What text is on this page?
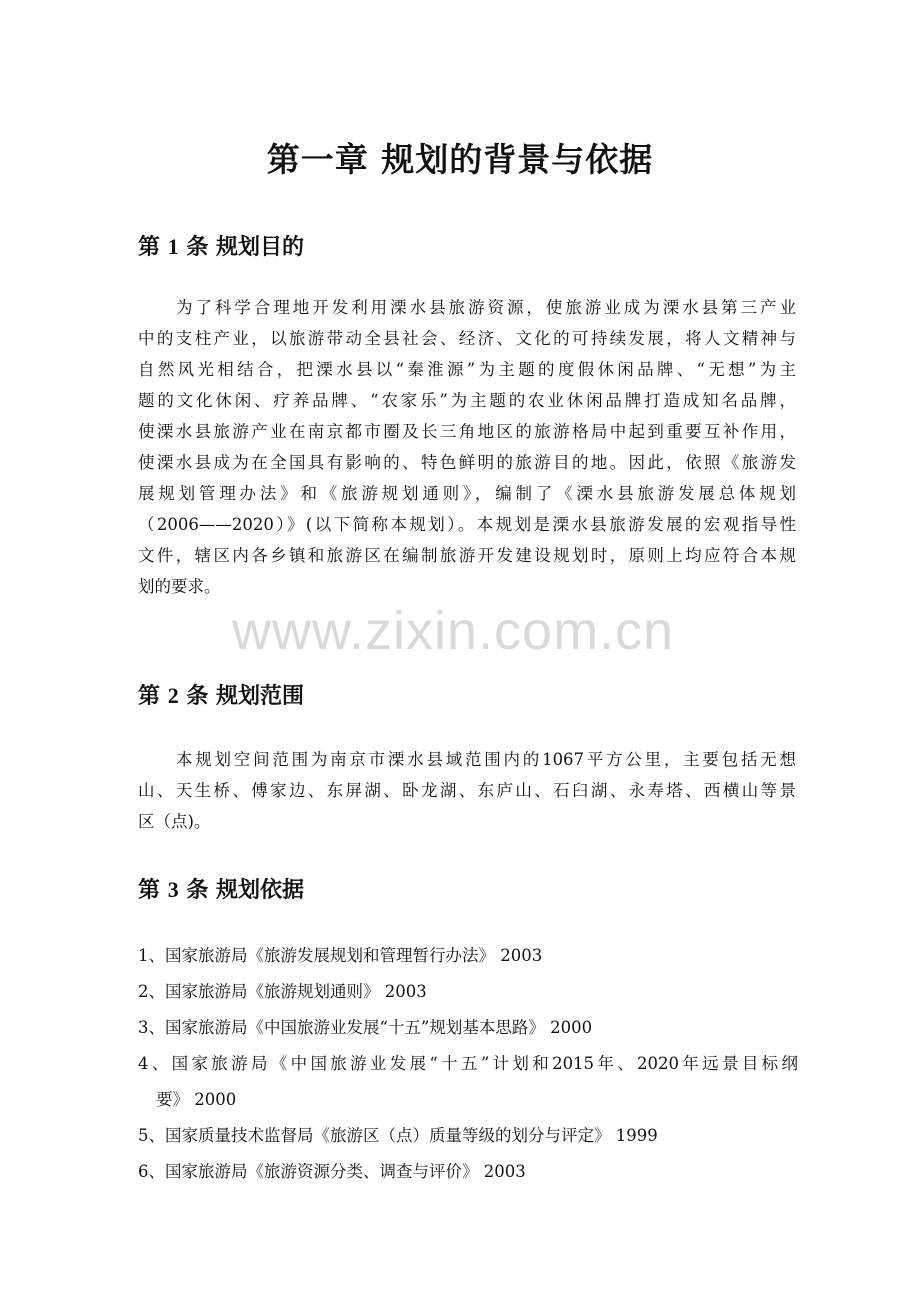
第一章 规划的背景与依据
第 1 条 规划目的
为了科学合理地开发利用溧水县旅游资源，使旅游业成为溧水县第三产业
中的支柱产业，以旅游带动全县社会、经济、文化的可持续发展，将人文精神与
自然风光相结合，把溧水县以“秦淮源”为主题的度假休闲品牌、“无想”为主
题的文化休闲、疗养品牌、“农家乐”为主题的农业休闲品牌打造成知名品牌，
使溧水县旅游产业在南京都市圈及长三角地区的旅游格局中起到重要互补作用，
使溧水县成为在全国具有影响的、特色鲜明的旅游目的地。因此，依照《旅游发
展规划管理办法》和《旅游规划通则》，编制了《溧水县旅游发展总体规划
（2006——2020）》(以下简称本规划）。本规划是溧水县旅游发展的宏观指导性
文件，辖区内各乡镇和旅游区在编制旅游开发建设规划时，原则上均应符合本规
划的要求。
第 2 条 规划范围
本规划空间范围为南京市溧水县域范围内的1067平方公里，主要包括无想
山、天生桥、傅家边、东屏湖、卧龙湖、东庐山、石臼湖、永寿塔、西横山等景
区（点)。
第 3 条 规划依据
1、国家旅游局《旅游发展规划和管理暂行办法》 2003
2、国家旅游局《旅游规划通则》 2003
3、国家旅游局《中国旅游业发展“十五”规划基本思路》 2000
4、国家旅游局《中国旅游业发展“十五”计划和2015年、2020年远景目标纲
要》 2000
5、国家质量技术监督局《旅游区（点）质量等级的划分与评定》 1999
6、国家旅游局《旅游资源分类、调查与评价》 2003
www.zixin.com.cn
